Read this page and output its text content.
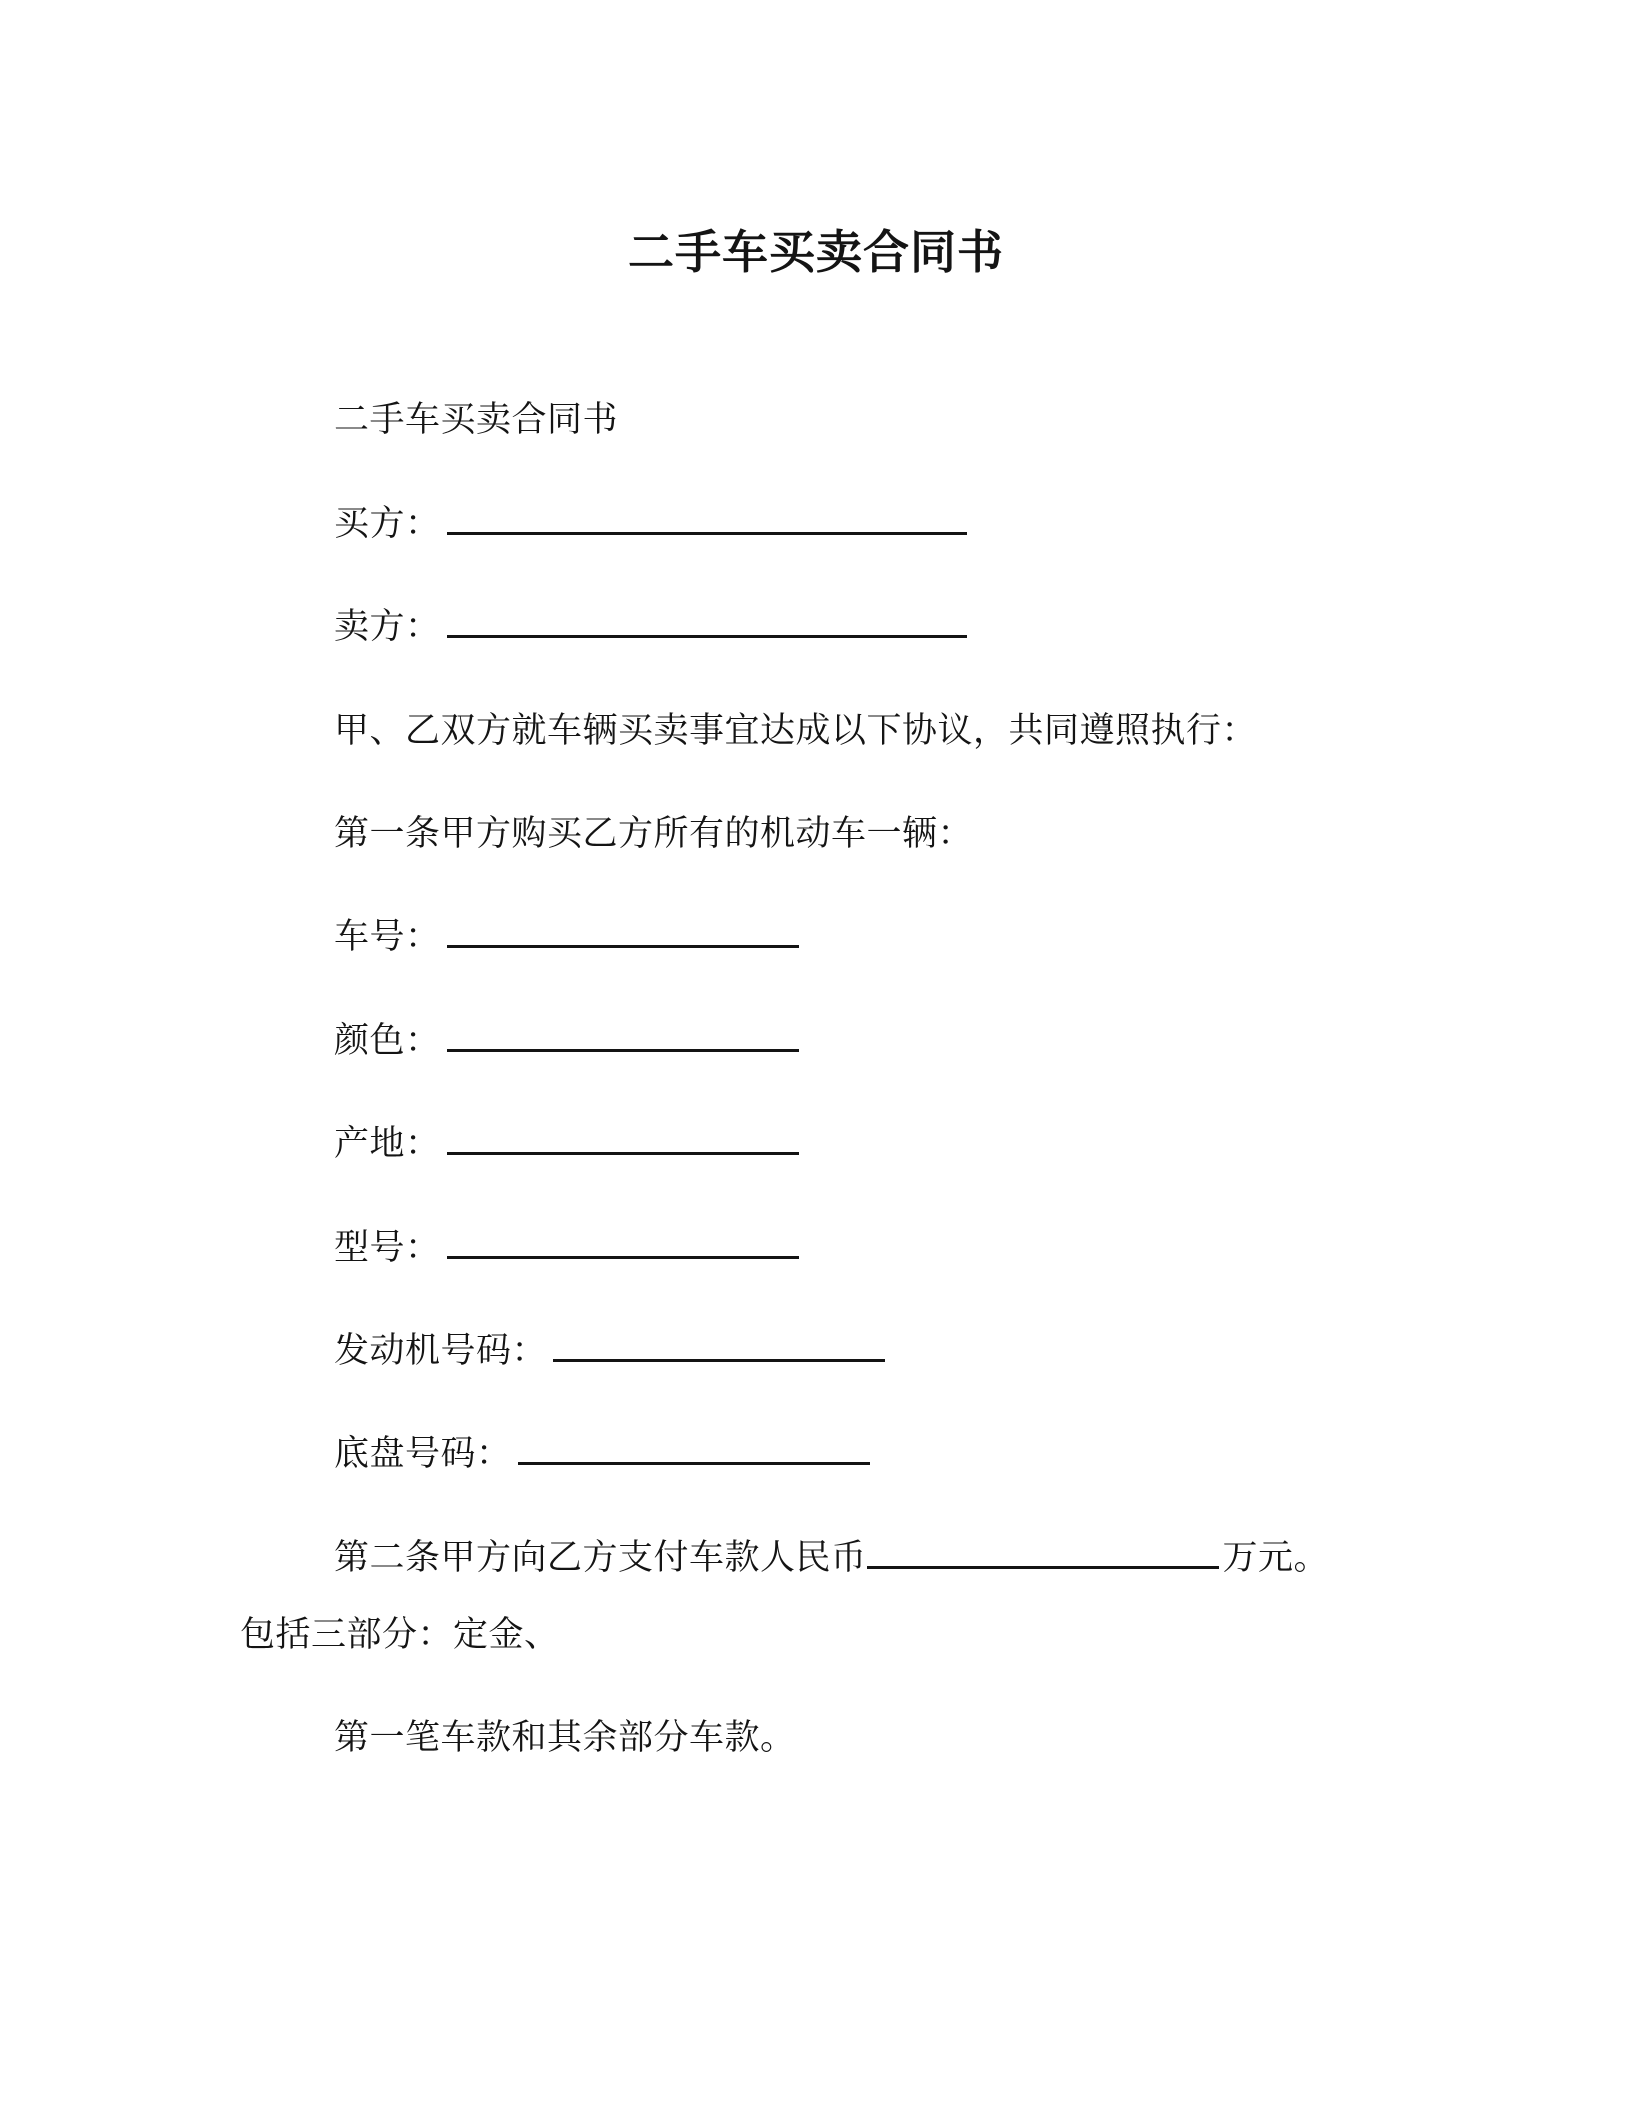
二手车买卖合同书
二手车买卖合同书
买方：
卖方：
甲、乙双方就车辆买卖事宜达成以下协议，共同遵照执行：
第一条甲方购买乙方所有的机动车一辆：
车号：
颜色：
产地：
型号：
发动机号码：
底盘号码：
第二条甲方向乙方支付车款人民币	万元。
包括三部分：定金、
第一笔车款和其余部分车款。
